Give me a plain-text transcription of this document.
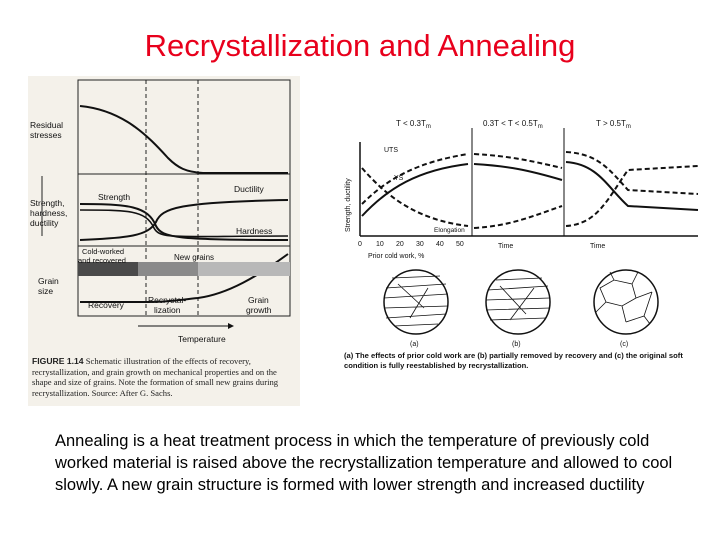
Recrystallization and Annealing
Residual stresses
Strength, hardness, ductility
Grain size
Strength
Ductility
Hardness
Cold-worked and recovered	New grains
Recovery	Recrystal-lization
Grain growth
Temperature
FIGURE 1.14 Schematic illustration of the effects of recovery, recrystallization, and grain growth on mechanical properties and on the shape and size of grains. Note the formation of small new grains during recrystallization. Source: After G. Sachs.
$T < 0.3T_m$	$0.3T < T < 0.5T_m$	$T > 0.5T_m$
Strength, ductility
UTS
YS
Elongation
0 10 20 30 40 50
Prior cold work, %
Time	Time
(a)	(b)	(c)
(a) The effects of prior cold work are (b) partially removed by recovery and (c) the original soft condition is fully reestablished by recrystallization.
Annealing is a heat treatment process in which the temperature of previously cold worked material is raised above the recrystallization temperature and allowed to cool slowly. A new grain structure is formed with lower strength and increased ductility
